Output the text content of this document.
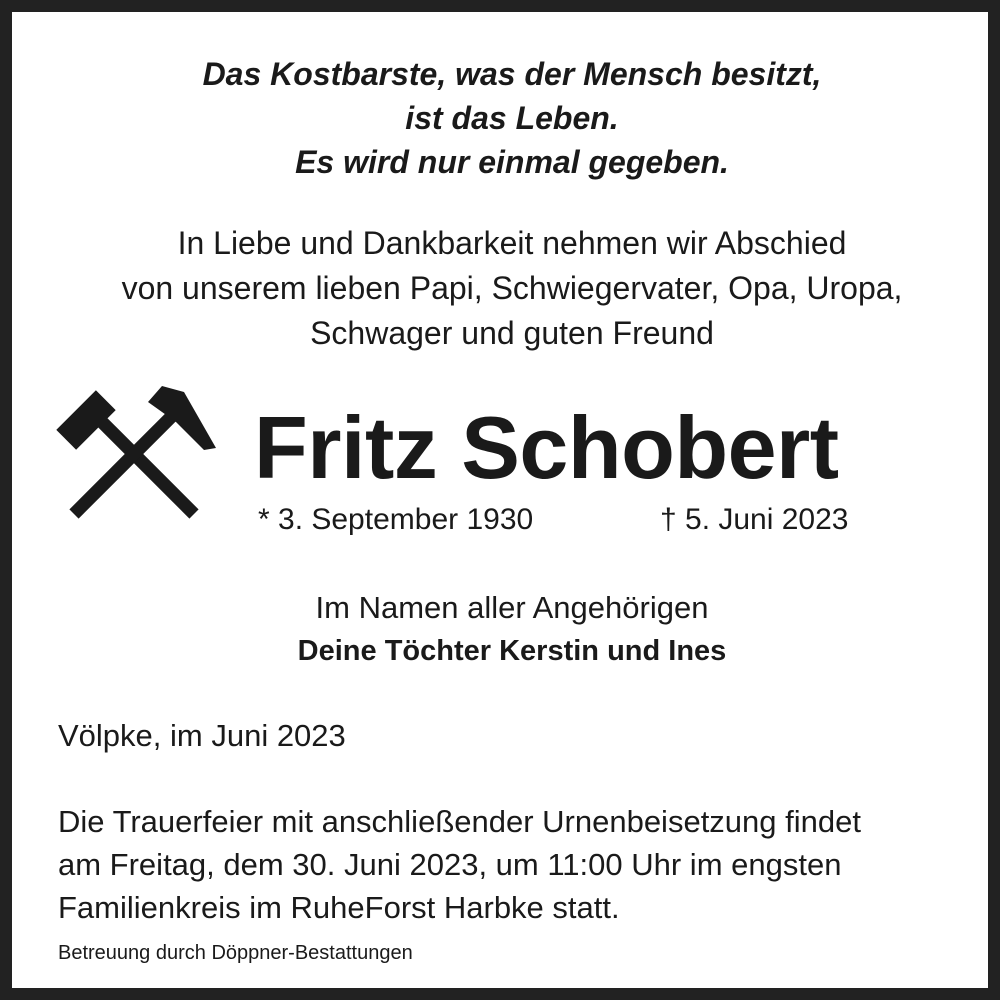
Das Kostbarste, was der Mensch besitzt,
ist das Leben.
Es wird nur einmal gegeben.
In Liebe und Dankbarkeit nehmen wir Abschied
von unserem lieben Papi, Schwiegervater, Opa, Uropa,
Schwager und guten Freund
Fritz Schobert
* 3. September 1930	† 5. Juni 2023
Im Namen aller Angehörigen
Deine Töchter Kerstin und Ines
Völpke, im Juni 2023
Die Trauerfeier mit anschließender Urnenbeisetzung findet
am Freitag, dem 30. Juni 2023, um 11:00 Uhr im engsten
Familienkreis im RuheForst Harbke statt.
Betreuung durch Döppner-Bestattungen
